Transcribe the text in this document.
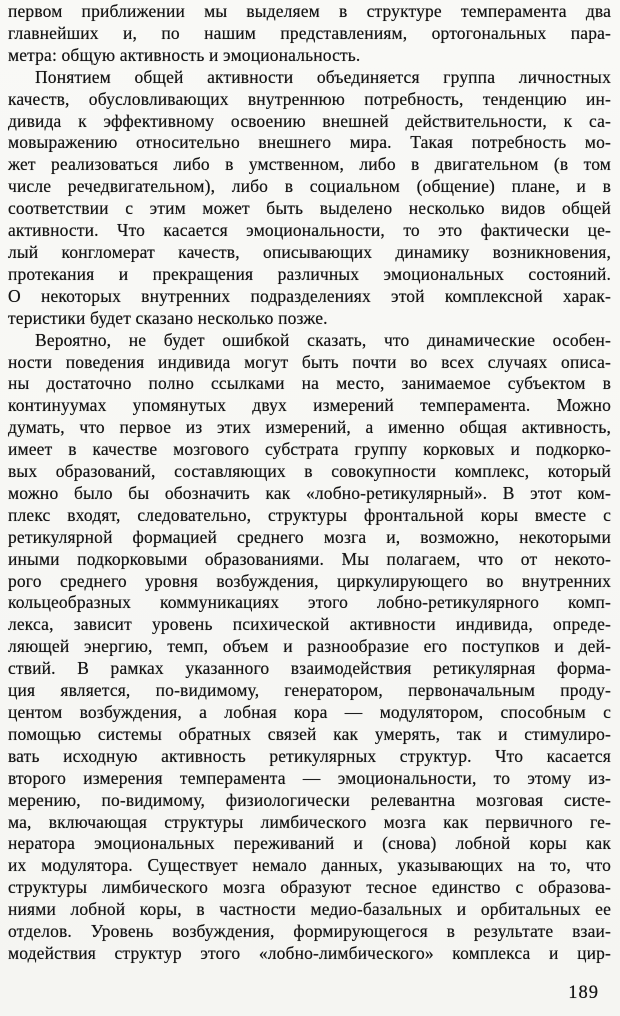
первом приближении мы выделяем в структуре темперамента два
главнейших и, по нашим представлениям, ортогональных пара-
метра: общую активность и эмоциональность.
Понятием общей активности объединяется группа личностных
качеств, обусловливающих внутреннюю потребность, тенденцию ин-
дивида к эффективному освоению внешней действительности, к са-
мовыражению относительно внешнего мира. Такая потребность мо-
жет реализоваться либо в умственном, либо в двигательном (в том
числе речедвигательном), либо в социальном (общение) плане, и в
соответствии с этим может быть выделено несколько видов общей
активности. Что касается эмоциональности, то это фактически це-
лый конгломерат качеств, описывающих динамику возникновения,
протекания и прекращения различных эмоциональных состояний.
О некоторых внутренних подразделениях этой комплексной харак-
теристики будет сказано несколько позже.
Вероятно, не будет ошибкой сказать, что динамические особен-
ности поведения индивида могут быть почти во всех случаях описа-
ны достаточно полно ссылками на место, занимаемое субъектом в
континуумах упомянутых двух измерений темперамента. Можно
думать, что первое из этих измерений, а именно общая активность,
имеет в качестве мозгового субстрата группу корковых и подкорко-
вых образований, составляющих в совокупности комплекс, который
можно было бы обозначить как «лобно-ретикулярный». В этот ком-
плекс входят, следовательно, структуры фронтальной коры вместе с
ретикулярной формацией среднего мозга и, возможно, некоторыми
иными подкорковыми образованиями. Мы полагаем, что от некото-
рого среднего уровня возбуждения, циркулирующего во внутренних
кольцеобразных коммуникациях этого лобно-ретикулярного комп-
лекса, зависит уровень психической активности индивида, опреде-
ляющей энергию, темп, объем и разнообразие его поступков и дей-
ствий. В рамках указанного взаимодействия ретикулярная форма-
ция является, по-видимому, генератором, первоначальным проду-
центом возбуждения, а лобная кора — модулятором, способным с
помощью системы обратных связей как умерять, так и стимулиро-
вать исходную активность ретикулярных структур. Что касается
второго измерения темперамента — эмоциональности, то этому из-
мерению, по-видимому, физиологически релевантна мозговая систе-
ма, включающая структуры лимбического мозга как первичного ге-
нератора эмоциональных переживаний и (снова) лобной коры как
их модулятора. Существует немало данных, указывающих на то, что
структуры лимбического мозга образуют тесное единство с образова-
ниями лобной коры, в частности медио-базальных и орбитальных ее
отделов. Уровень возбуждения, формирующегося в результате взаи-
модействия структур этого «лобно-лимбического» комплекса и цир-
189
